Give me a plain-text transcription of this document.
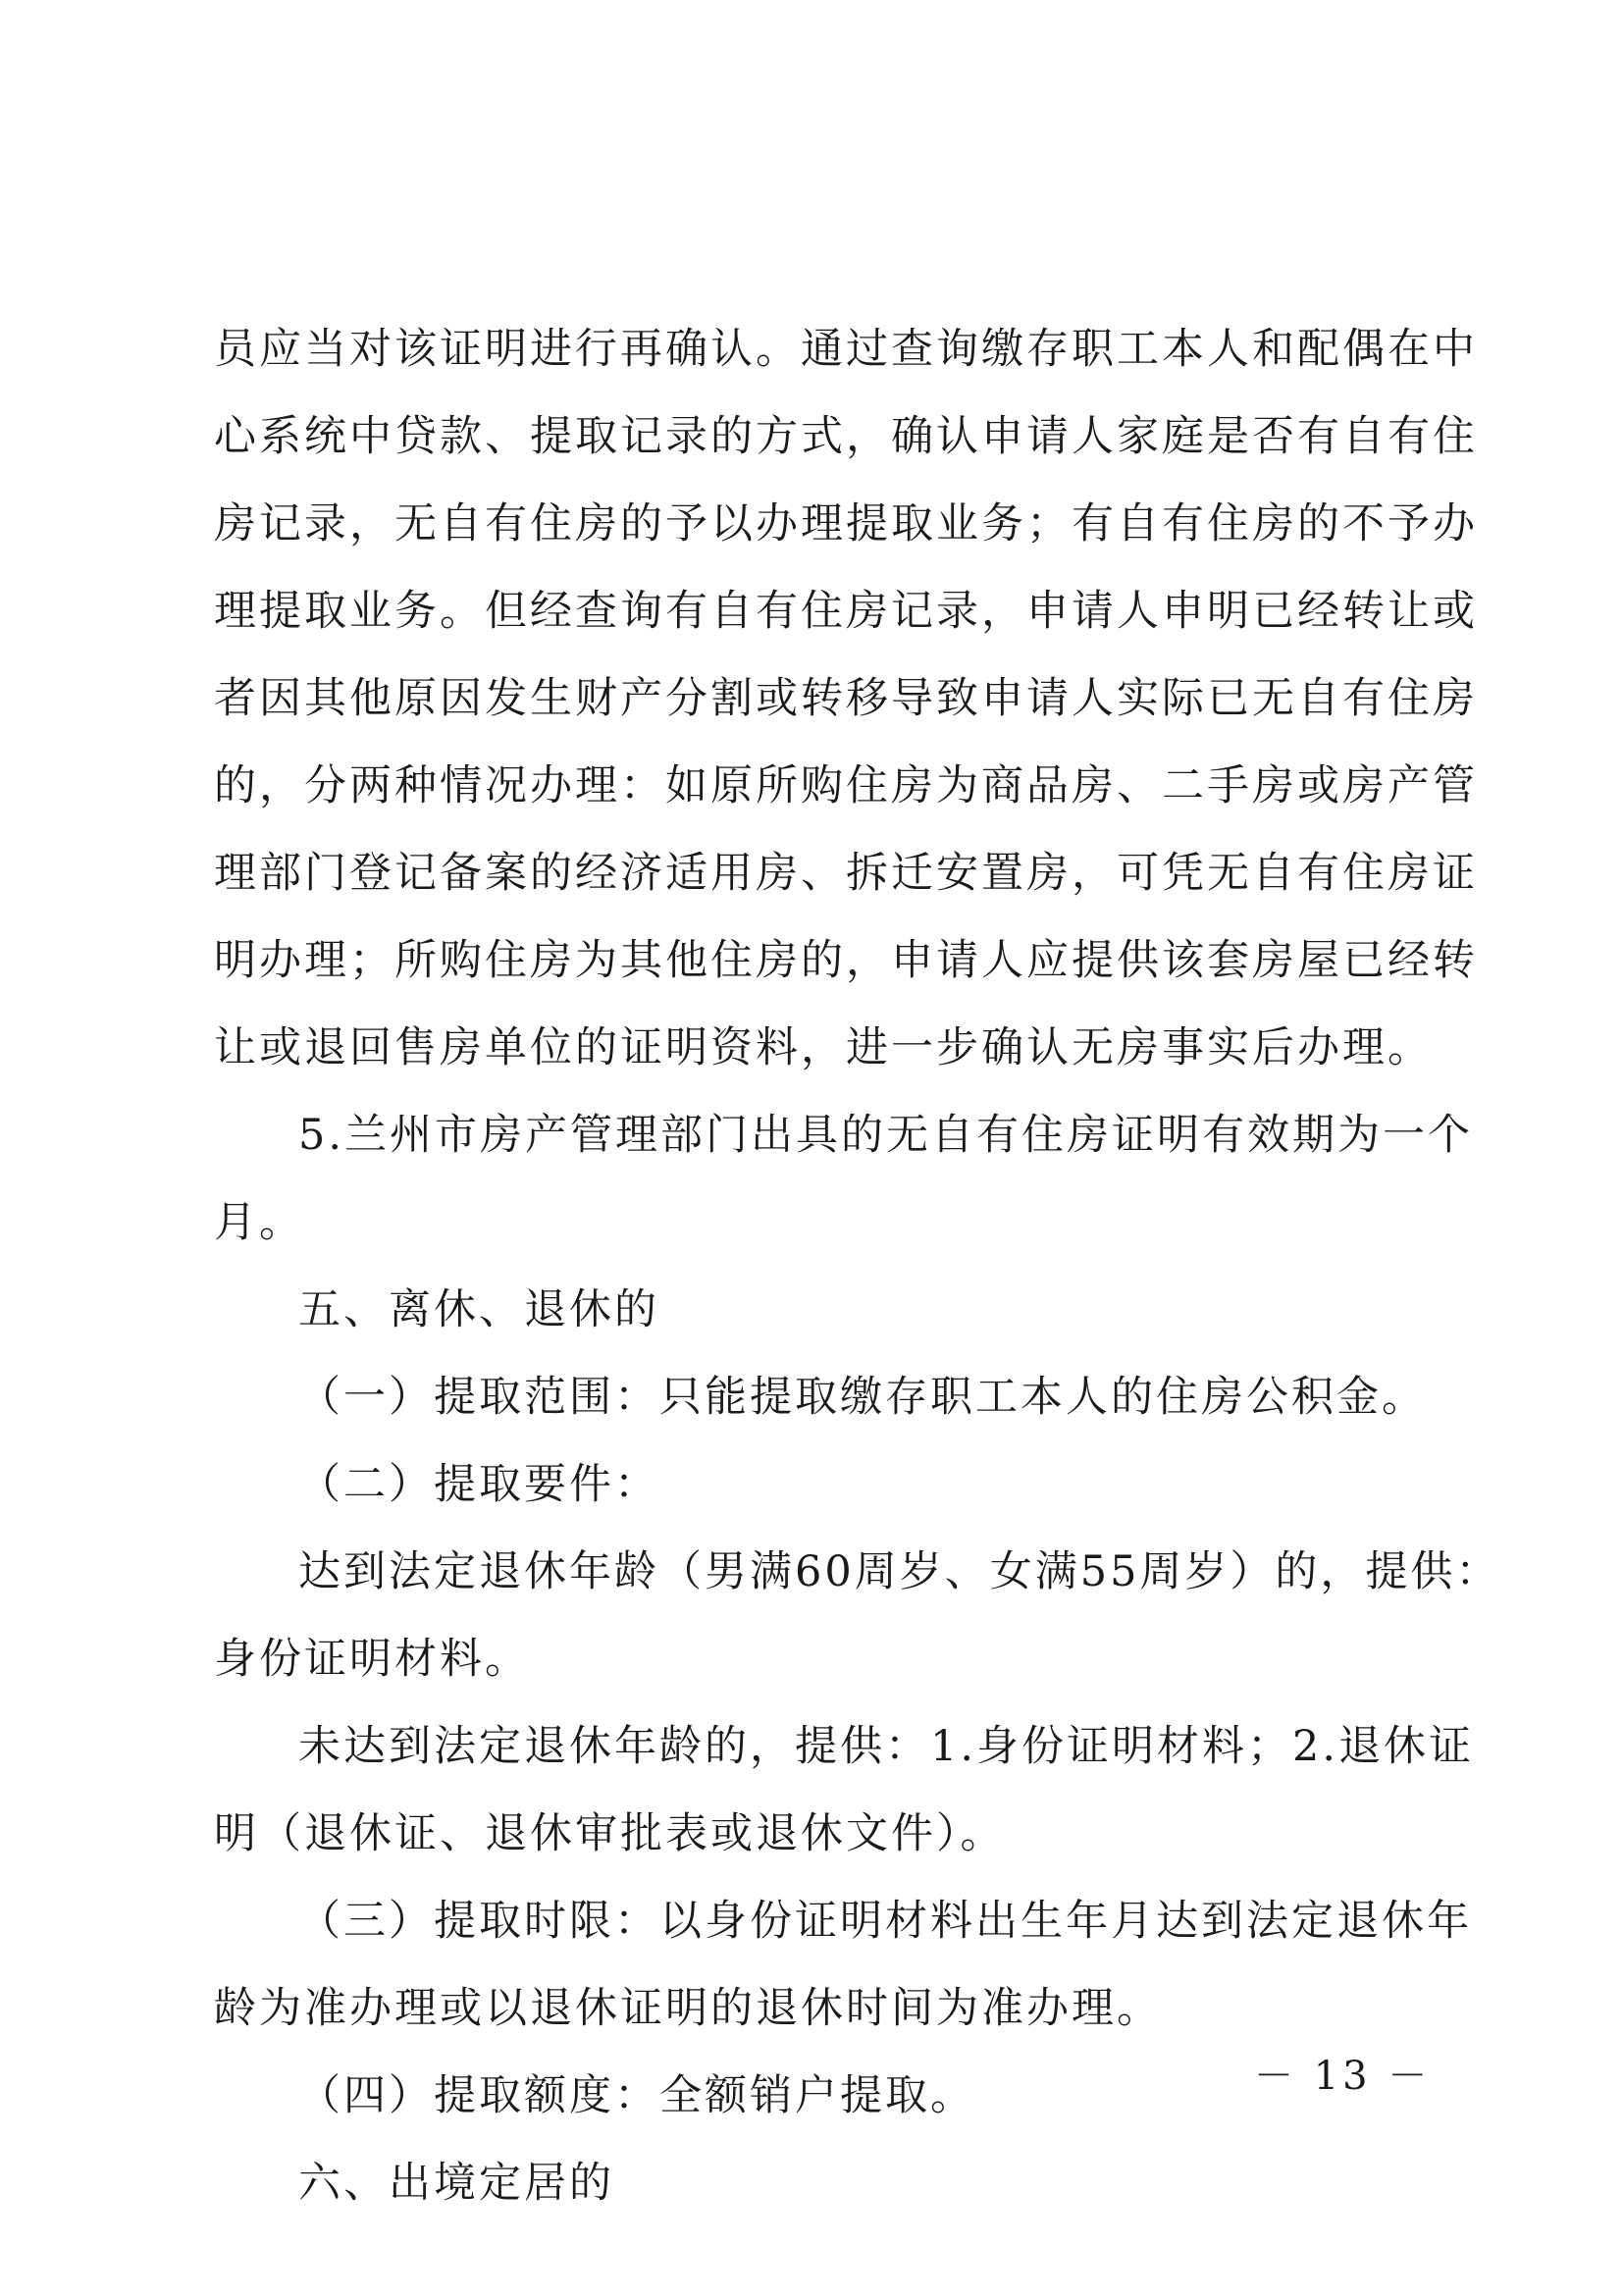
员应当对该证明进行再确认。通过查询缴存职工本人和配偶在中

心系统中贷款、提取记录的方式，确认申请人家庭是否有自有住

房记录，无自有住房的予以办理提取业务；有自有住房的不予办

理提取业务。但经查询有自有住房记录，申请人申明已经转让或

者因其他原因发生财产分割或转移导致申请人实际已无自有住房

的，分两种情况办理：如原所购住房为商品房、二手房或房产管

理部门登记备案的经济适用房、拆迁安置房，可凭无自有住房证

明办理；所购住房为其他住房的，申请人应提供该套房屋已经转

让或退回售房单位的证明资料，进一步确认无房事实后办理。

5.兰州市房产管理部门出具的无自有住房证明有效期为一个

月。

五、离休、退休的

（一）提取范围：只能提取缴存职工本人的住房公积金。

（二）提取要件：

达到法定退休年龄（男满60周岁、女满55周岁）的，提供：

身份证明材料。

未达到法定退休年龄的，提供：1.身份证明材料；2.退休证

明（退休证、退休审批表或退休文件）。

（三）提取时限：以身份证明材料出生年月达到法定退休年

龄为准办理或以退休证明的退休时间为准办理。

（四）提取额度：全额销户提取。

六、出境定居的

－ 13 －
